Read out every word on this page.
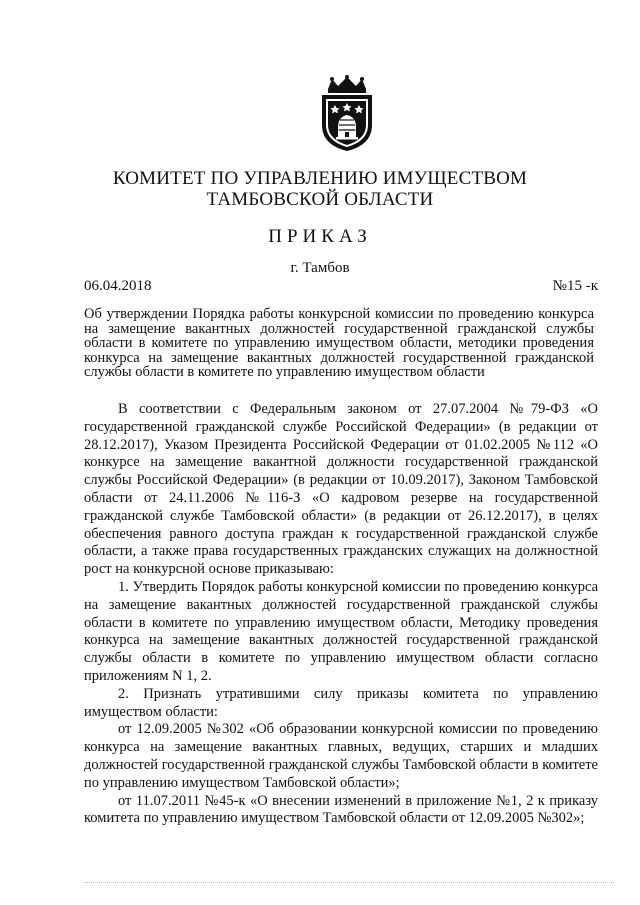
КОМИТЕТ ПО УПРАВЛЕНИЮ ИМУЩЕСТВОМ
ТАМБОВСКОЙ ОБЛАСТИ
ПРИКАЗ
г. Тамбов
06.04.2018	№15 -к
Об утверждении Порядка работы конкурсной комиссии по проведению конкурса на замещение вакантных должностей государственной гражданской службы области в комитете по управлению имуществом области, методики проведения конкурса на замещение вакантных должностей государственной гражданской службы области в комитете по управлению имуществом области

В соответствии с Федеральным законом от 27.07.2004 №79-ФЗ «О государственной гражданской службе Российской Федерации» (в редакции от 28.12.2017), Указом Президента Российской Федерации от 01.02.2005 №112 «О конкурсе на замещение вакантной должности государственной гражданской службы Российской Федерации» (в редакции от 10.09.2017), Законом Тамбовской области от 24.11.2006 №116-З «О кадровом резерве на государственной гражданской службе Тамбовской области» (в редакции от 26.12.2017), в целях обеспечения равного доступа граждан к государственной гражданской службе области, а также права государственных гражданских служащих на должностной рост на конкурсной основе приказываю:

1. Утвердить Порядок работы конкурсной комиссии по проведению конкурса на замещение вакантных должностей государственной гражданской службы области в комитете по управлению имуществом области, Методику проведения конкурса на замещение вакантных должностей государственной гражданской службы области в комитете по управлению имуществом области согласно приложениям N 1, 2.

2. Признать утратившими силу приказы комитета по управлению имуществом области:

от 12.09.2005 №302 «Об образовании конкурсной комиссии по проведению конкурса на замещение вакантных главных, ведущих, старших и младших должностей государственной гражданской службы Тамбовской области в комитете по управлению имуществом Тамбовской области»;

от 11.07.2011 №45-к «О внесении изменений в приложение №1, 2 к приказу комитета по управлению имуществом Тамбовской области от 12.09.2005 №302»;
